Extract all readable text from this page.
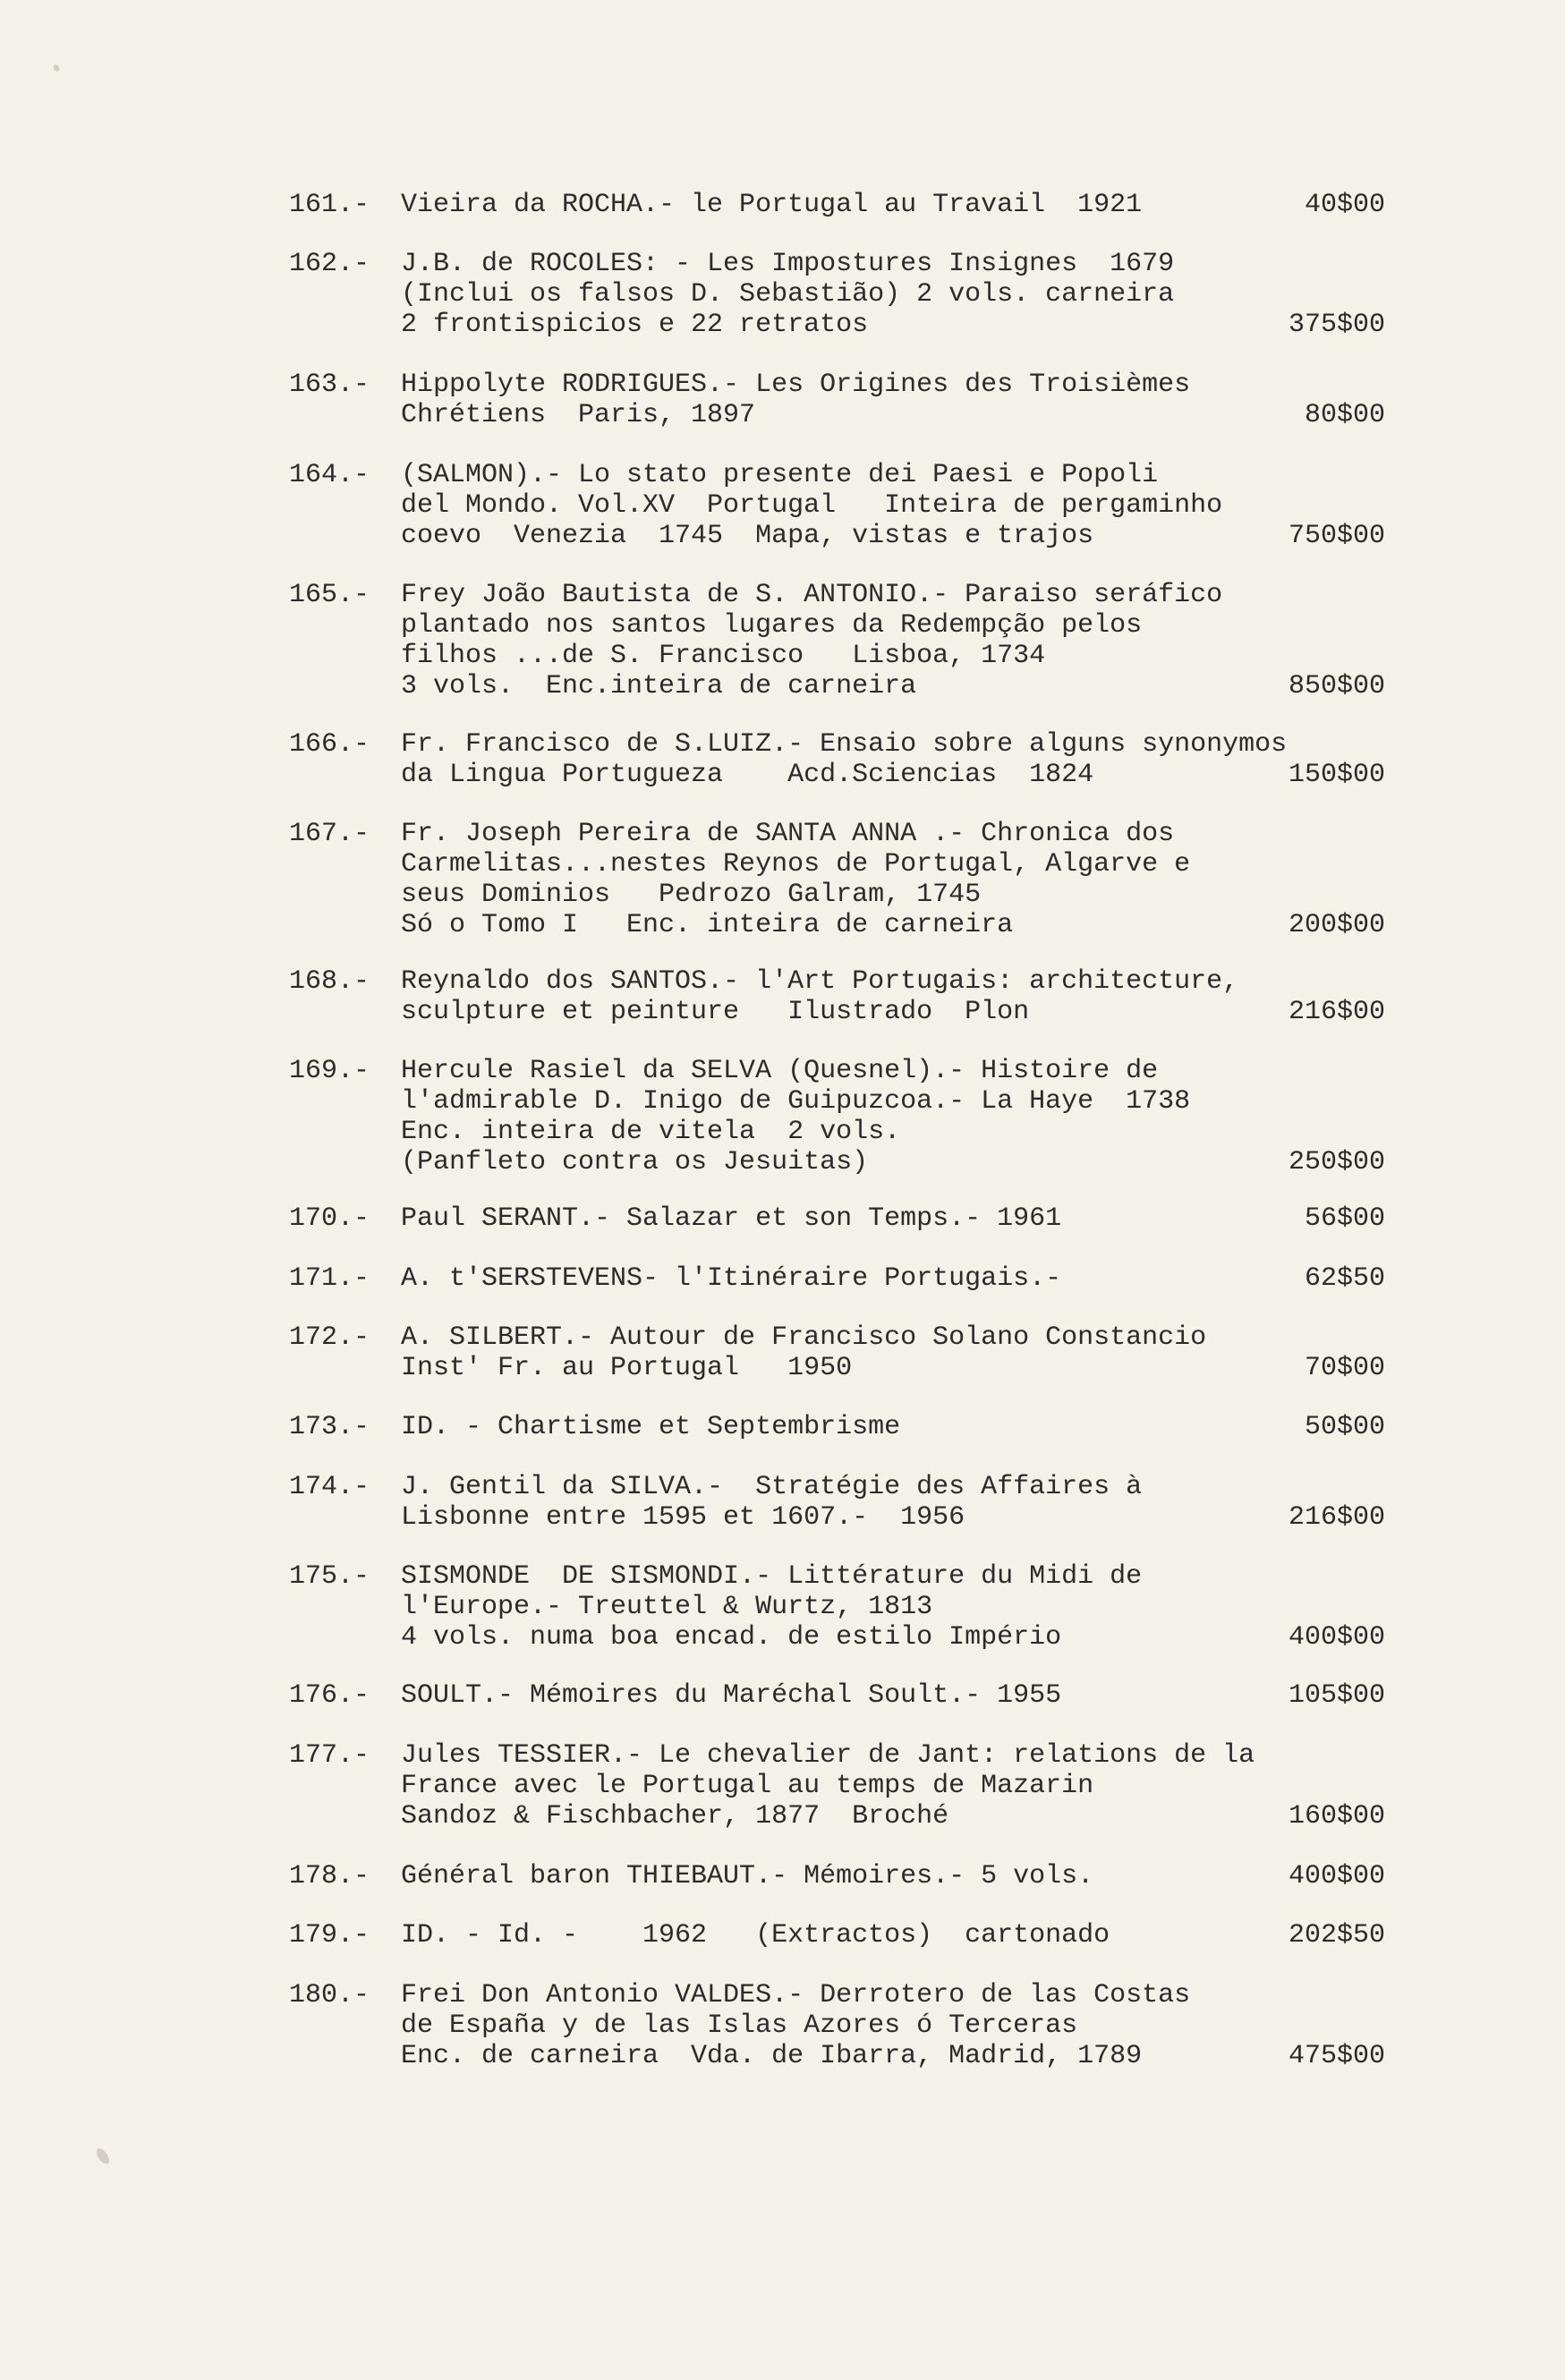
161.- Vieira da ROCHA.- le Portugal au Travail  1921	40$00
162.- J.B. de ROCOLES: - Les Impostures Insignes  1679
(Inclui os falsos D. Sebastião) 2 vols. carneira
2 frontispicios e 22 retratos	375$00
163.- Hippolyte RODRIGUES.- Les Origines des Troisièmes
Chrétiens  Paris, 1897	80$00
164.- (SALMON).- Lo stato presente dei Paesi e Popoli
del Mondo. Vol.XV  Portugal   Inteira de pergaminho
coevo  Venezia  1745  Mapa, vistas e trajos	750$00
165.- Frey João Bautista de S. ANTONIO.- Paraiso seráfico
plantado nos santos lugares da Redempção pelos
filhos ...de S. Francisco   Lisboa, 1734
3 vols.  Enc.inteira de carneira	850$00
166.- Fr. Francisco de S.LUIZ.- Ensaio sobre alguns synonymos
da Lingua Portugueza    Acd.Sciencias  1824	150$00
167.- Fr. Joseph Pereira de SANTA ANNA .- Chronica dos
Carmelitas...nestes Reynos de Portugal, Algarve e
seus Dominios   Pedrozo Galram, 1745
Só o Tomo I   Enc. inteira de carneira	200$00
168.- Reynaldo dos SANTOS.- l'Art Portugais: architecture,
sculpture et peinture   Ilustrado  Plon	216$00
169.- Hercule Rasiel da SELVA (Quesnel).- Histoire de
l'admirable D. Inigo de Guipuzcoa.- La Haye  1738
Enc. inteira de vitela  2 vols.
(Panfleto contra os Jesuitas)	250$00
170.- Paul SERANT.- Salazar et son Temps.- 1961	56$00
171.- A. t'SERSTEVENS- l'Itinéraire Portugais.-	62$50
172.- A. SILBERT.- Autour de Francisco Solano Constancio
Inst' Fr. au Portugal   1950	70$00
173.- ID. - Chartisme et Septembrisme	50$00
174.- J. Gentil da SILVA.-  Stratégie des Affaires à
Lisbonne entre 1595 et 1607.-  1956	216$00
175.- SISMONDE  DE SISMONDI.- Littérature du Midi de
l'Europe.- Treuttel & Wurtz, 1813
4 vols. numa boa encad. de estilo Império	400$00
176.- SOULT.- Mémoires du Maréchal Soult.- 1955	105$00
177.- Jules TESSIER.- Le chevalier de Jant: relations de la
France avec le Portugal au temps de Mazarin
Sandoz & Fischbacher, 1877  Broché	160$00
178.- Général baron THIEBAUT.- Mémoires.- 5 vols.	400$00
179.- ID. - Id. -    1962   (Extractos)  cartonado	202$50
180.- Frei Don Antonio VALDES.- Derrotero de las Costas
de España y de las Islas Azores ó Terceras
Enc. de carneira  Vda. de Ibarra, Madrid, 1789	475$00
